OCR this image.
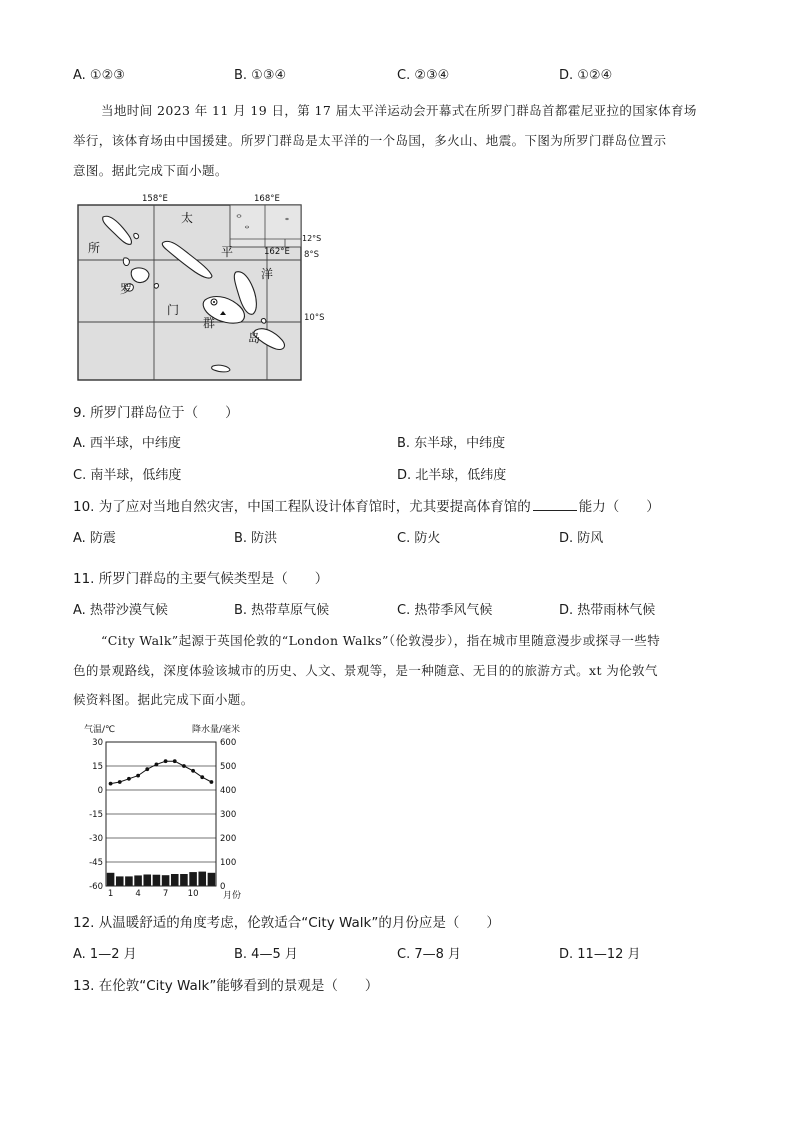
A. ①②③	B. ①③④	C. ②③④	D. ①②④
当地时间 2023 年 11 月 19 日，第 17 届太平洋运动会开幕式在所罗门群岛首都霍尼亚拉的国家体育场
举行，该体育场由中国援建。所罗门群岛是太平洋的一个岛国，多火山、地震。下图为所罗门群岛位置示
意图。据此完成下面小题。
158°E	168°E
162°E
12°S
太
所	平
洋
罗
门
群
岛
8°S
10°S
9. 所罗门群岛位于（　　）
A. 西半球，中纬度	B. 东半球，中纬度
C. 南半球，低纬度	D. 北半球，低纬度
10. 为了应对当地自然灾害，中国工程队设计体育馆时，尤其要提高体育馆的	能力（　　）
A. 防震	B. 防洪	C. 防火	D. 防风
11. 所罗门群岛的主要气候类型是（　　）
A. 热带沙漠气候	B. 热带草原气候	C. 热带季风气候	D. 热带雨林气候
“City Walk”起源于英国伦敦的“London Walks”（伦敦漫步），指在城市里随意漫步或探寻一些特
色的景观路线，深度体验该城市的历史、人文、景观等，是一种随意、无目的的旅游方式。xt 为伦敦气
候资料图。据此完成下面小题。
气温/℃	降水量/毫米
30
15
0
-15
-30
-45
-60
600
500
400
300
200
100
0
1	4	7 10	月份
12. 从温暖舒适的角度考虑，伦敦适合“City Walk”的月份应是（　　）
A. 1—2 月	B. 4—5 月	C. 7—8 月	D. 11—12 月
13. 在伦敦“City Walk”能够看到的景观是（　　）
